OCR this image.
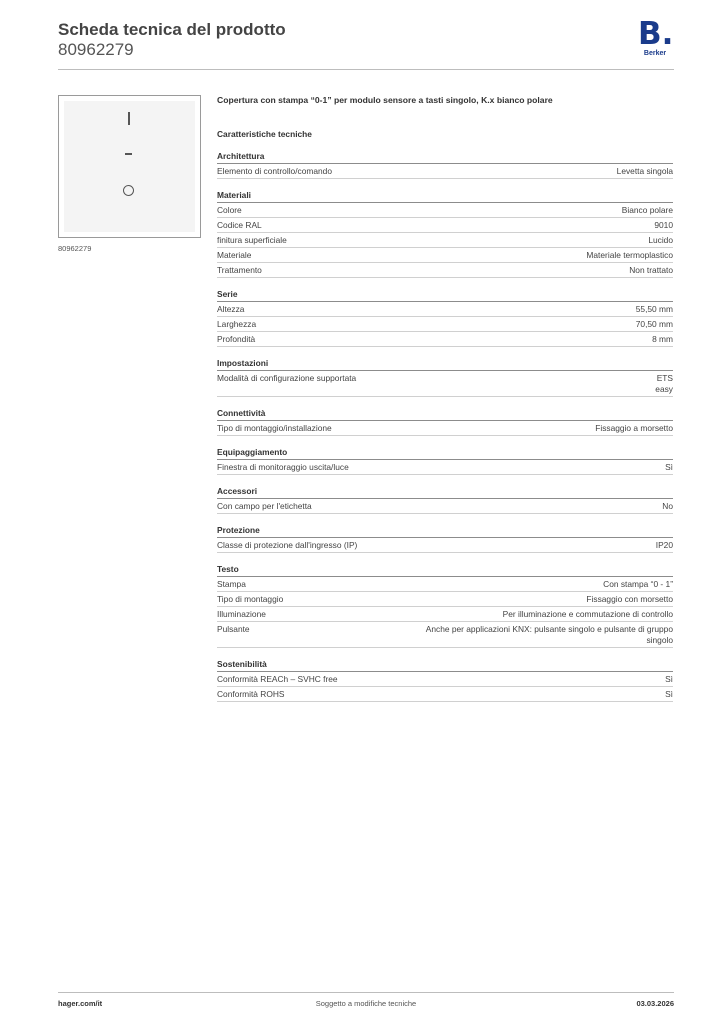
Scheda tecnica del prodotto
80962279	B.
Berker
80962279
Copertura con stampa “0-1” per modulo sensore a tasti singolo, K.x bianco polare
Caratteristiche tecniche
Architettura
Elemento di controllo/comando	Levetta singola
Materiali
Colore	Bianco polare
Codice RAL	9010
finitura superficiale	Lucido
Materiale	Materiale termoplastico
Trattamento	Non trattato
Serie
Altezza	55,50 mm
Larghezza	70,50 mm
Profondità	8 mm
Impostazioni
Modalità di configurazione supportata	ETS
easy
Connettività
Tipo di montaggio/installazione	Fissaggio a morsetto
Equipaggiamento
Finestra di monitoraggio uscita/luce	Sì
Accessori
Con campo per l'etichetta	No
Protezione
Classe di protezione dall'ingresso (IP)	IP20
Testo
Stampa	Con stampa “0 - 1”
Tipo di montaggio	Fissaggio con morsetto
Illuminazione	Per illuminazione e commutazione di controllo
Pulsante	Anche per applicazioni KNX: pulsante singolo e pulsante di gruppo
singolo
Sostenibilità
Conformità REACh – SVHC free	Sì
Conformità ROHS	Sì
hager.com/it	Soggetto a modifiche tecniche	03.03.2026
